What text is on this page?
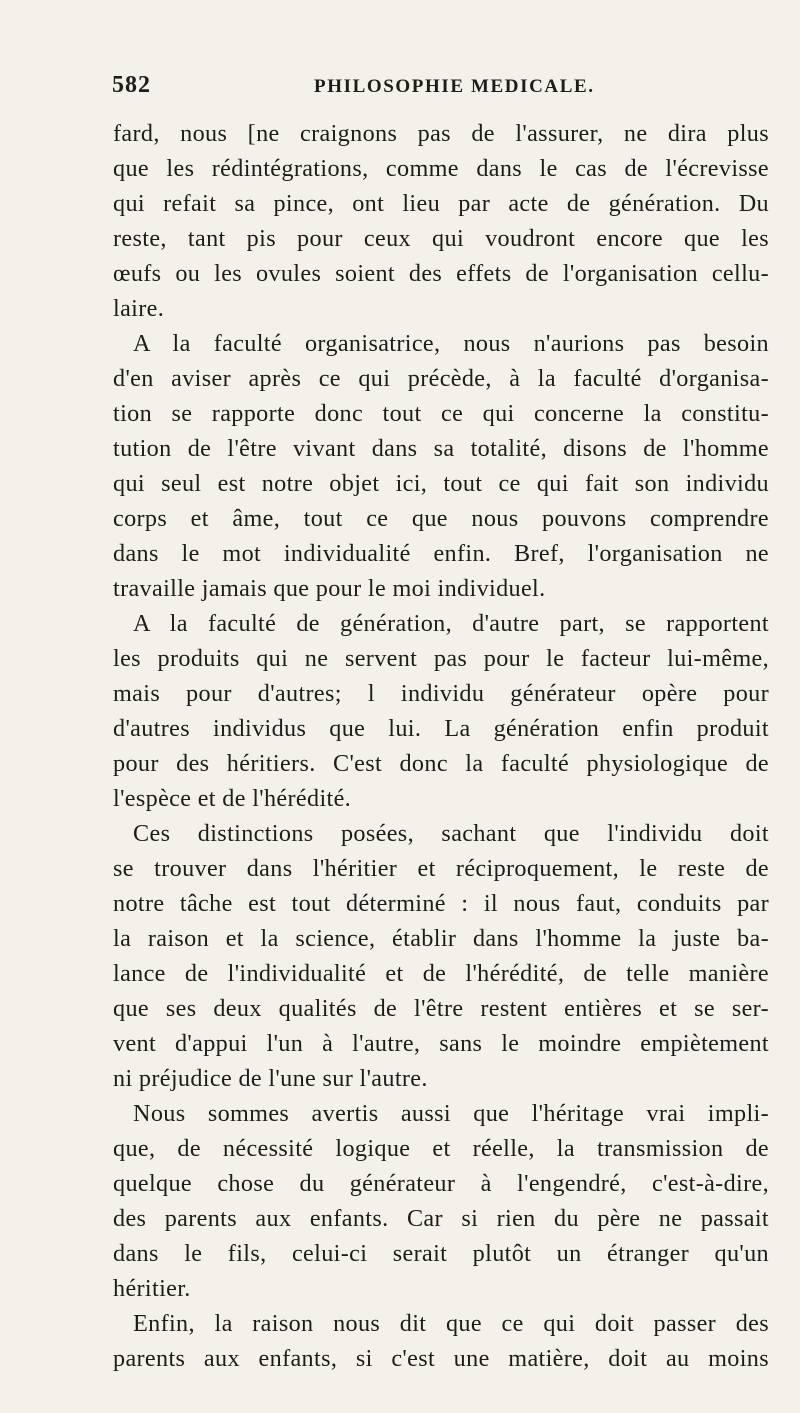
582	PHILOSOPHIE MEDICALE.
fard, nous [ne craignons pas de l'assurer, ne dira plus
que les rédintégrations, comme dans le cas de l'écrevisse
qui refait sa pince, ont lieu par acte de génération. Du
reste, tant pis pour ceux qui voudront encore que les
œufs ou les ovules soient des effets de l'organisation cellu-
laire.
A la faculté organisatrice, nous n'aurions pas besoin
d'en aviser après ce qui précède, à la faculté d'organisa-
tion se rapporte donc tout ce qui concerne la constitu-
tution de l'être vivant dans sa totalité, disons de l'homme
qui seul est notre objet ici, tout ce qui fait son individu
corps et âme, tout ce que nous pouvons comprendre
dans le mot individualité enfin. Bref, l'organisation ne
travaille jamais que pour le moi individuel.
A la faculté de génération, d'autre part, se rapportent
les produits qui ne servent pas pour le facteur lui-même,
mais pour d'autres; l individu générateur opère pour
d'autres individus que lui. La génération enfin produit
pour des héritiers. C'est donc la faculté physiologique de
l'espèce et de l'hérédité.
Ces distinctions posées, sachant que l'individu doit
se trouver dans l'héritier et réciproquement, le reste de
notre tâche est tout déterminé : il nous faut, conduits par
la raison et la science, établir dans l'homme la juste ba-
lance de l'individualité et de l'hérédité, de telle manière
que ses deux qualités de l'être restent entières et se ser-
vent d'appui l'un à l'autre, sans le moindre empiètement
ni préjudice de l'une sur l'autre.
Nous sommes avertis aussi que l'héritage vrai impli-
que, de nécessité logique et réelle, la transmission de
quelque chose du générateur à l'engendré, c'est-à-dire,
des parents aux enfants. Car si rien du père ne passait
dans le fils, celui-ci serait plutôt un étranger qu'un
héritier.
Enfin, la raison nous dit que ce qui doit passer des
parents aux enfants, si c'est une matière, doit au moins
